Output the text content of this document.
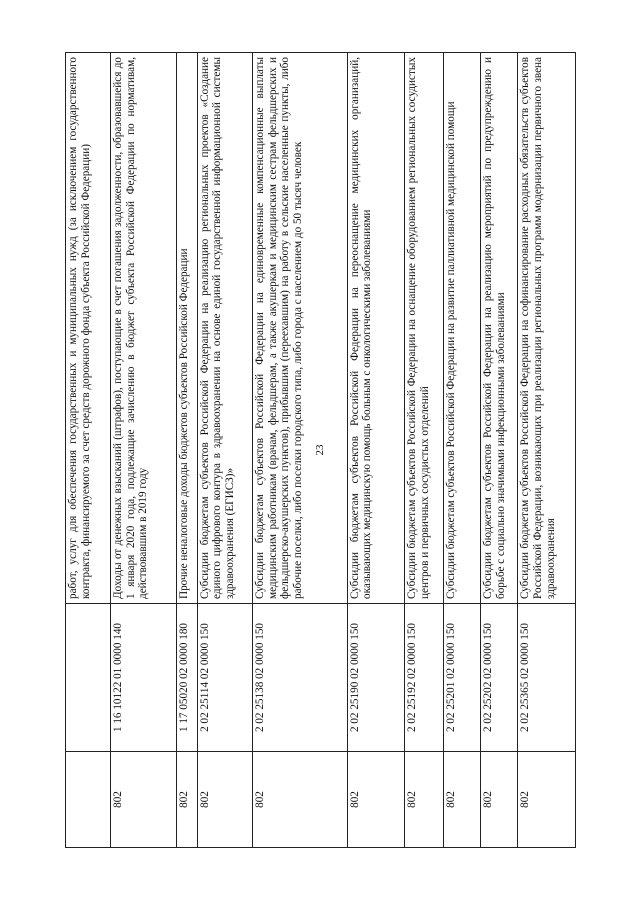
23
		работ, услуг для обеспечения государственных и муниципальных нужд (за исключением государственного контракта, финансируемого за счет средств дорожного фонда субъекта Российской Федерации)
802	1 16 10122 01 0000 140	Доходы от денежных взысканий (штрафов), поступающие в счет погашения задолженности, образовавшейся до 1 января 2020 года, подлежащие зачислению в бюджет субъекта Российской Федерации по нормативам, действовавшим в 2019 году
802	1 17 05020 02 0000 180	Прочие неналоговые доходы бюджетов субъектов Российской Федерации
802	2 02 25114 02 0000 150	Субсидии бюджетам субъектов Российской Федерации на реализацию региональных проектов «Создание единого цифрового контура в здравоохранении на основе единой государственной информационной системы здравоохранения (ЕГИСЗ)»
802	2 02 25138 02 0000 150	Субсидии бюджетам субъектов Российской Федерации на единовременные компенсационные выплаты медицинским работникам (врачам, фельдшерам, а также акушеркам и медицинским сестрам фельдшерских и фельдшерско-акушерских пунктов), прибывшим (переехавшим) на работу в сельские населенные пункты, либо рабочие поселки, либо поселки городского типа, либо города с населением до 50 тысяч человек
802	2 02 25190 02 0000 150	Субсидии бюджетам субъектов Российской Федерации на переоснащение медицинских организаций, оказывающих медицинскую помощь больным с онкологическими заболеваниями
802	2 02 25192 02 0000 150	Субсидии бюджетам субъектов Российской Федерации на оснащение оборудованием региональных сосудистых центров и первичных сосудистых отделений
802	2 02 25201 02 0000 150	Субсидии бюджетам субъектов Российской Федерации на развитие паллиативной медицинской помощи
802	2 02 25202 02 0000 150	Субсидии бюджетам субъектов Российской Федерации на реализацию мероприятий по предупреждению и борьбе с социально значимыми инфекционными заболеваниями
802	2 02 25365 02 0000 150	Субсидии бюджетам субъектов Российской Федерации на софинансирование расходных обязательств субъектов Российской Федерации, возникающих при реализации региональных программ модернизации первичного звена здравоохранения
